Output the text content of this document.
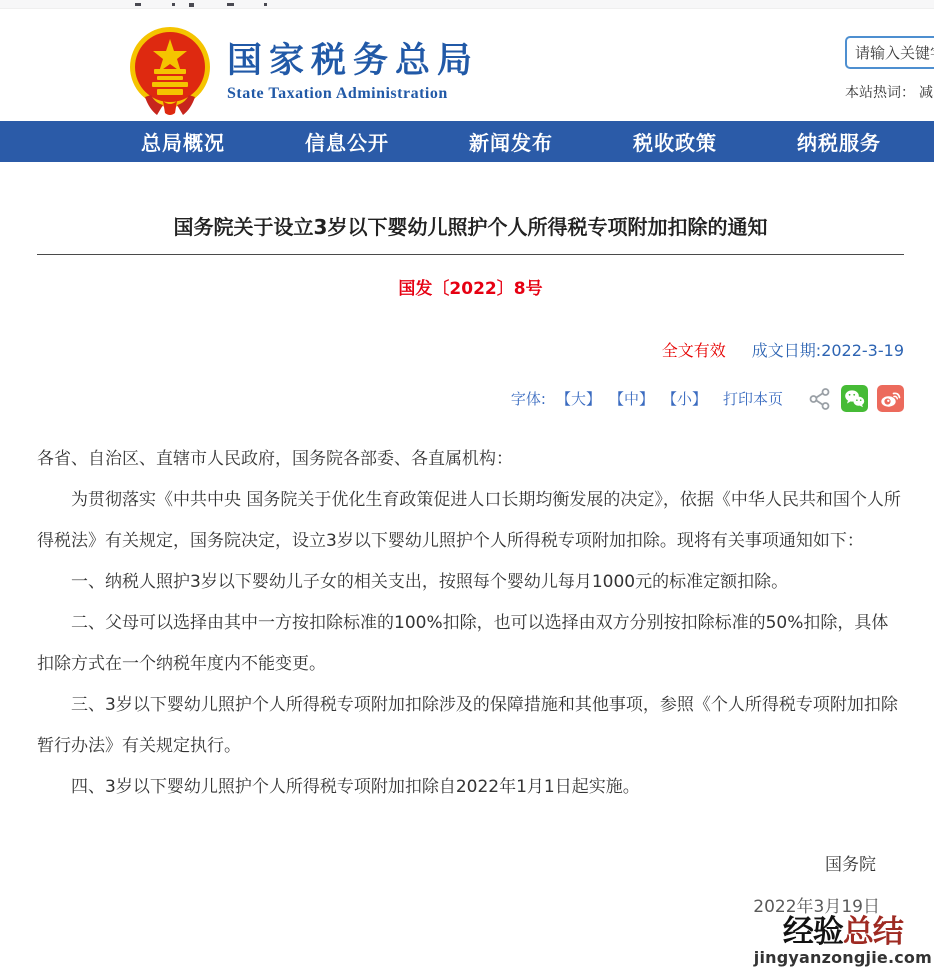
国家税务总局
State Taxation Administration
请输入关键字	本站热词： 减
总局概况	信息公开	新闻发布	税收政策	纳税服务
国务院关于设立3岁以下婴幼儿照护个人所得税专项附加扣除的通知
国发〔2022〕8号
全文有效 成文日期:2022-3-19
字体: 【大】 【中】 【小】 打印本页

各省、自治区、直辖市人民政府，国务院各部委、各直属机构：

为贯彻落实《中共中央 国务院关于优化生育政策促进人口长期均衡发展的决定》，依据《中华人民共和国个人所得税法》有关规定，国务院决定，设立3岁以下婴幼儿照护个人所得税专项附加扣除。现将有关事项通知如下：

一、纳税人照护3岁以下婴幼儿子女的相关支出，按照每个婴幼儿每月1000元的标准定额扣除。

二、父母可以选择由其中一方按扣除标准的100%扣除，也可以选择由双方分别按扣除标准的50%扣除，具体扣除方式在一个纳税年度内不能变更。

三、3岁以下婴幼儿照护个人所得税专项附加扣除涉及的保障措施和其他事项，参照《个人所得税专项附加扣除暂行办法》有关规定执行。

四、3岁以下婴幼儿照护个人所得税专项附加扣除自2022年1月1日起实施。

国务院
2022年3月19日
经验总结
jingyanzongjie.com
